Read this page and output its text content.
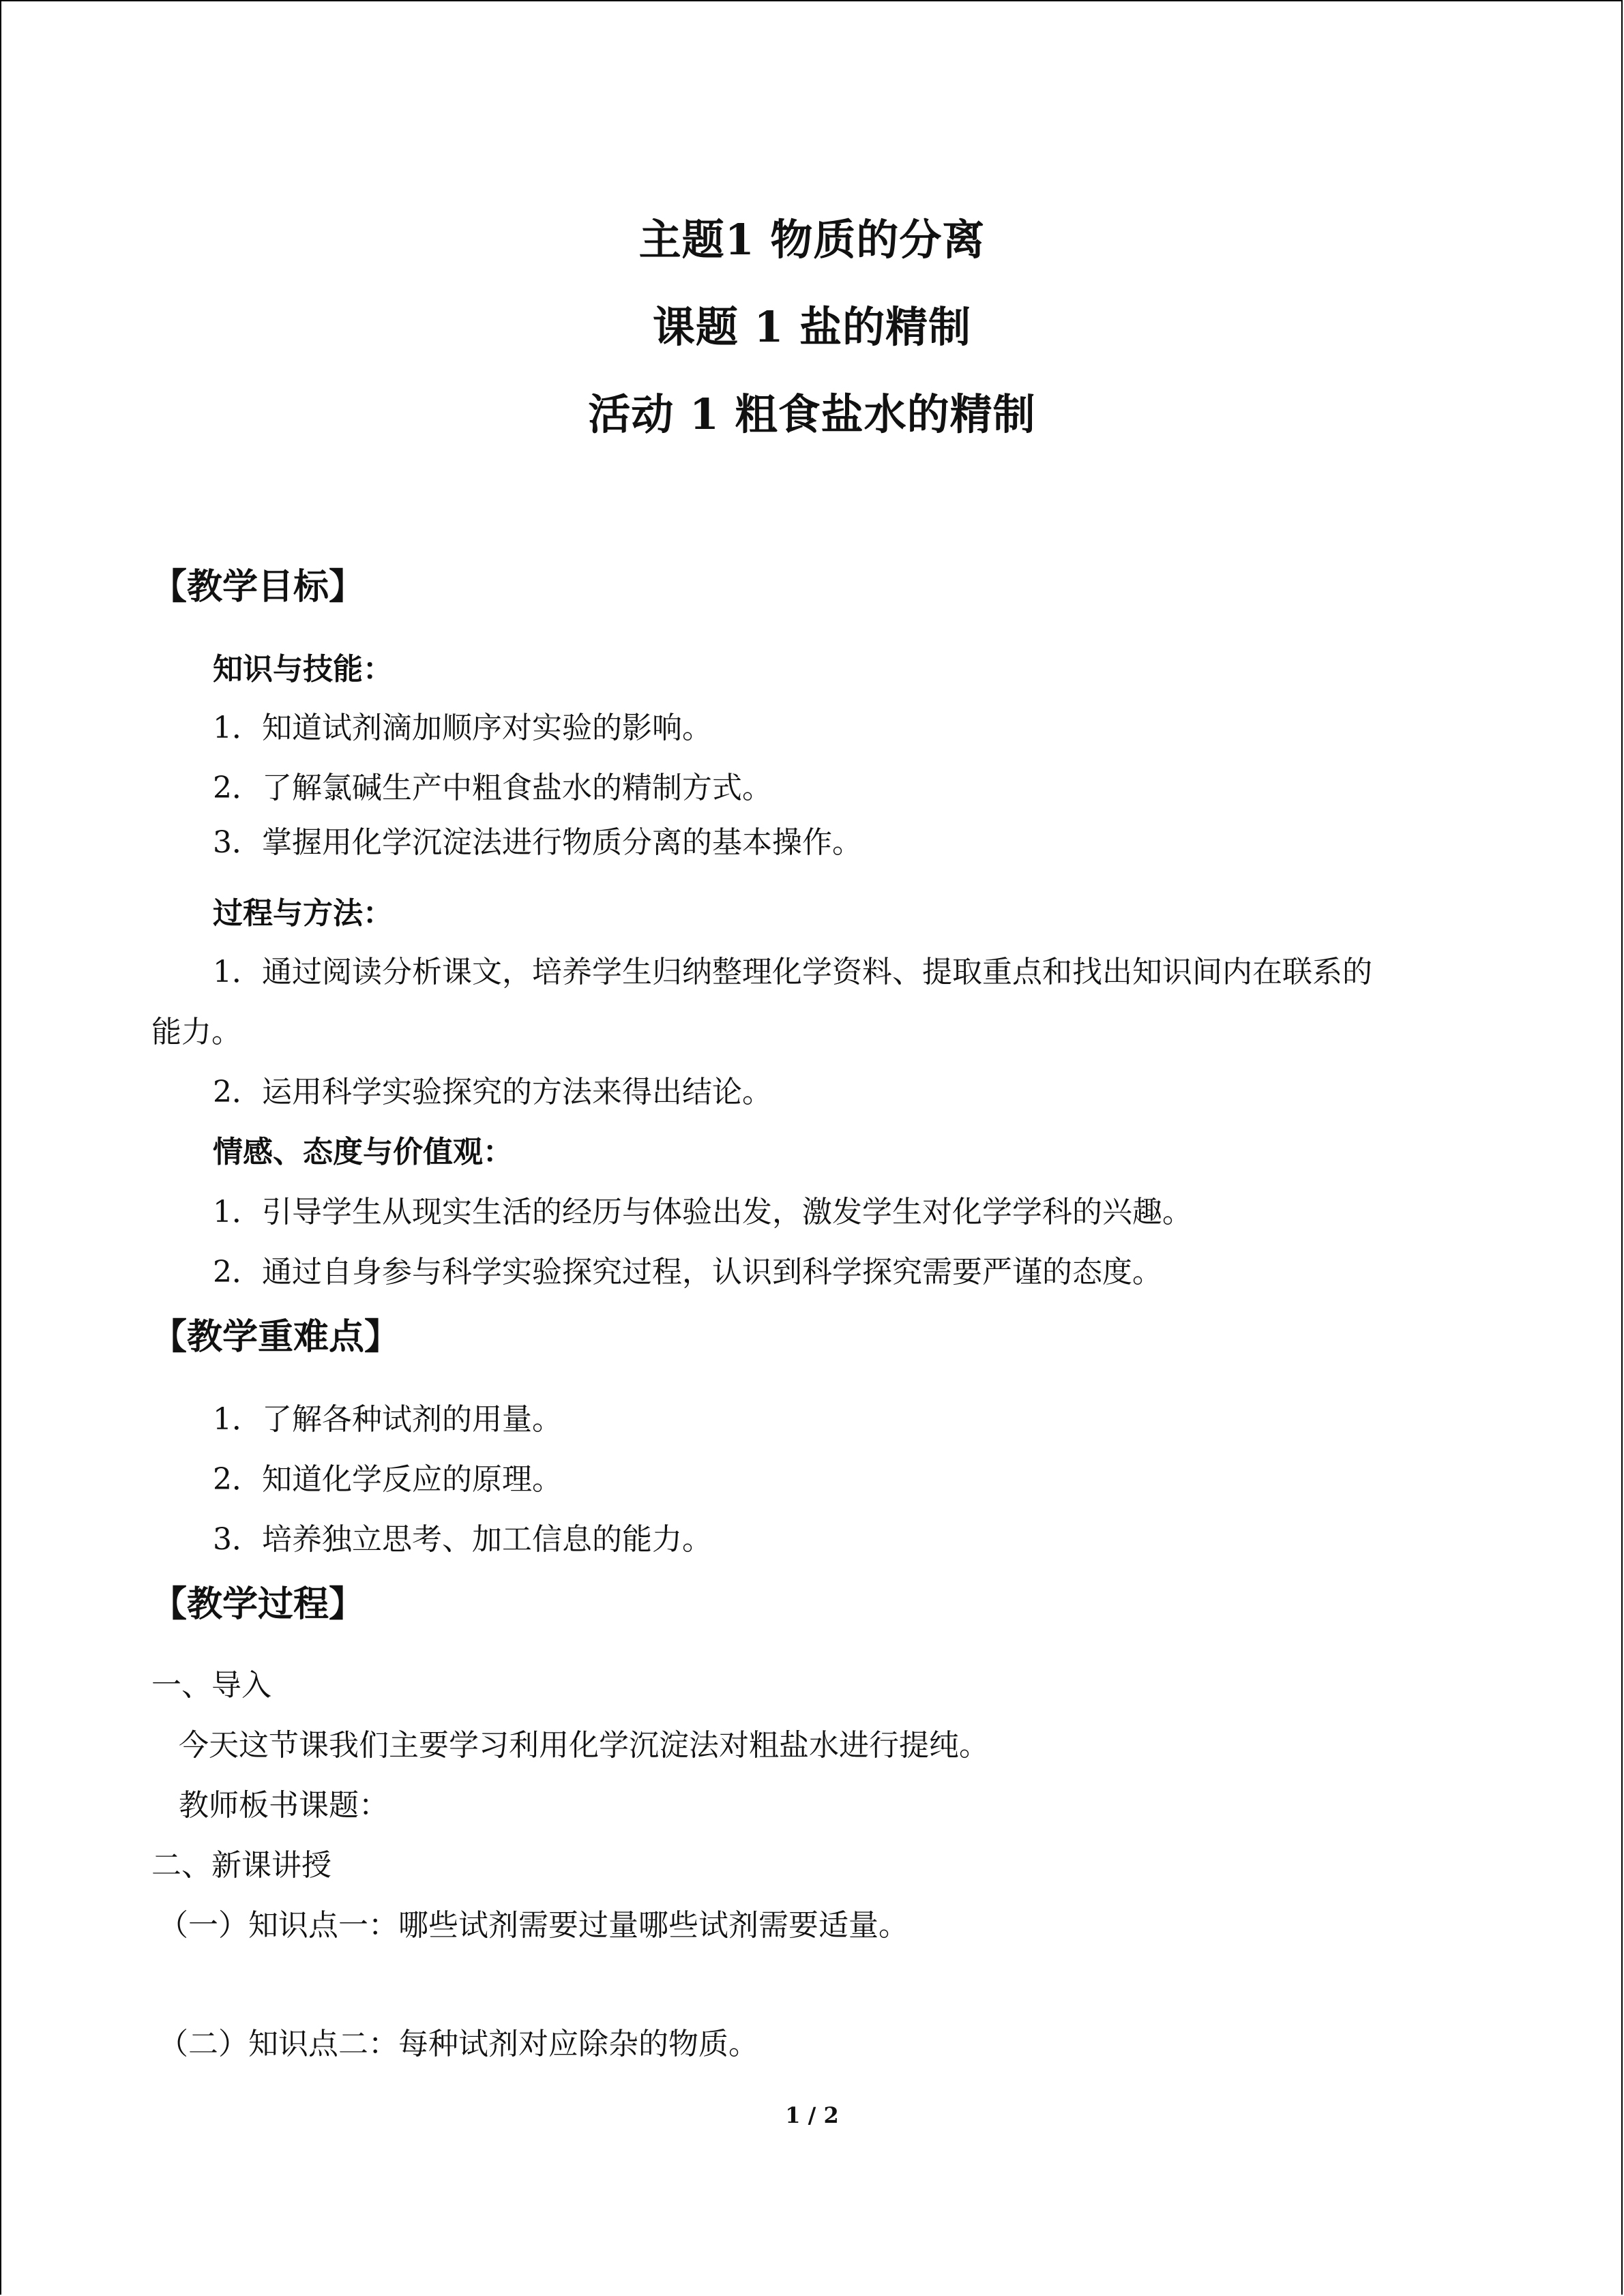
主题1 物质的分离
课题 1 盐的精制
活动 1 粗食盐水的精制
【教学目标】
知识与技能：
1．知道试剂滴加顺序对实验的影响。
2．了解氯碱生产中粗食盐水的精制方式。
3．掌握用化学沉淀法进行物质分离的基本操作。
过程与方法：
1．通过阅读分析课文，培养学生归纳整理化学资料、提取重点和找出知识间内在联系的
能力。
2．运用科学实验探究的方法来得出结论。
情感、态度与价值观：
1．引导学生从现实生活的经历与体验出发，激发学生对化学学科的兴趣。
2．通过自身参与科学实验探究过程，认识到科学探究需要严谨的态度。
【教学重难点】
1．了解各种试剂的用量。
2．知道化学反应的原理。
3．培养独立思考、加工信息的能力。
【教学过程】
一、导入
今天这节课我们主要学习利用化学沉淀法对粗盐水进行提纯。
教师板书课题：
二、新课讲授
（一）知识点一：哪些试剂需要过量哪些试剂需要适量。
（二）知识点二：每种试剂对应除杂的物质。
1 / 2
